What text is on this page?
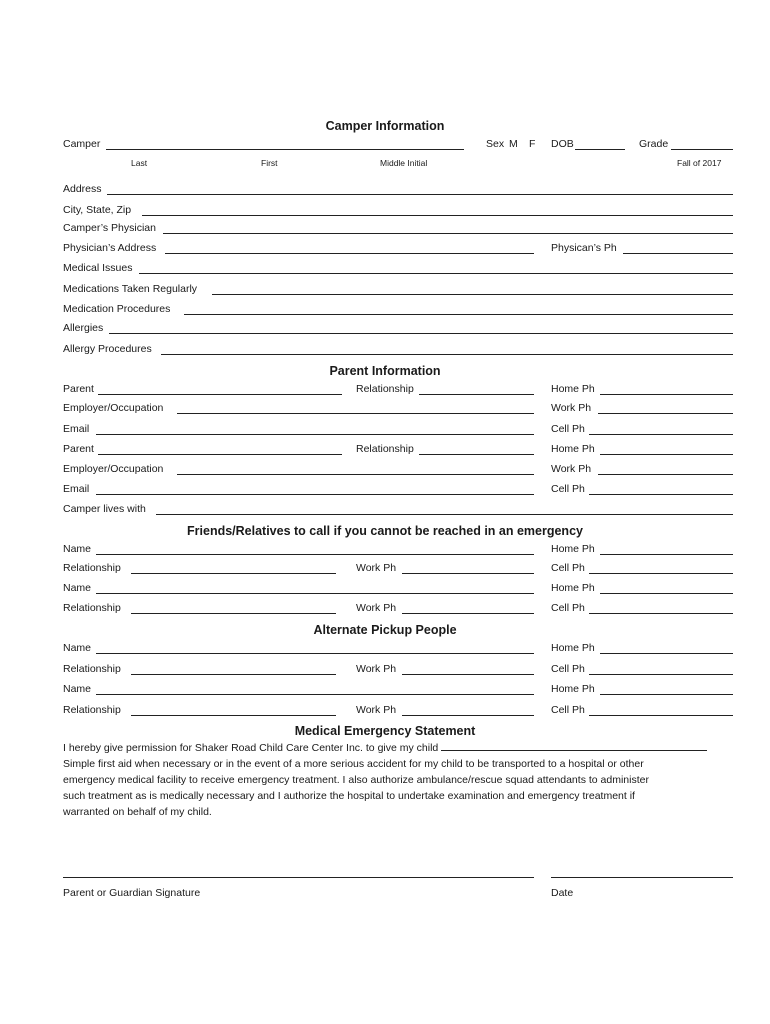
Camper Information
Camper	Sex M F DOB	Grade
Last	First	Middle Initial	Fall of 2017
Address
City, State, Zip
Camper’s Physician
Physician’s Address	Physican’s Ph
Medical Issues
Medications Taken Regularly
Medication Procedures
Allergies
Allergy Procedures
Parent Information
Parent	Relationship	Home Ph
Employer/Occupation	Work Ph
Email	Cell Ph
Parent	Relationship	Home Ph
Employer/Occupation	Work Ph
Email	Cell Ph
Camper lives with
Friends/Relatives to call if you cannot be reached in an emergency
Name	Home Ph
Relationship	Work Ph	Cell Ph
Name	Home Ph
Relationship	Work Ph	Cell Ph
Alternate Pickup People
Name	Home Ph
Relationship	Work Ph	Cell Ph
Name	Home Ph
Relationship	Work Ph	Cell Ph
Medical Emergency Statement
I hereby give permission for Shaker Road Child Care Center Inc. to give my child
Simple first aid when necessary or in the event of a more serious accident for my child to be transported to a hospital or other
emergency medical facility to receive emergency treatment. I also authorize ambulance/rescue squad attendants to administer
such treatment as is medically necessary and I authorize the hospital to undertake examination and emergency treatment if
warranted on behalf of my child.
Parent or Guardian Signature	Date
